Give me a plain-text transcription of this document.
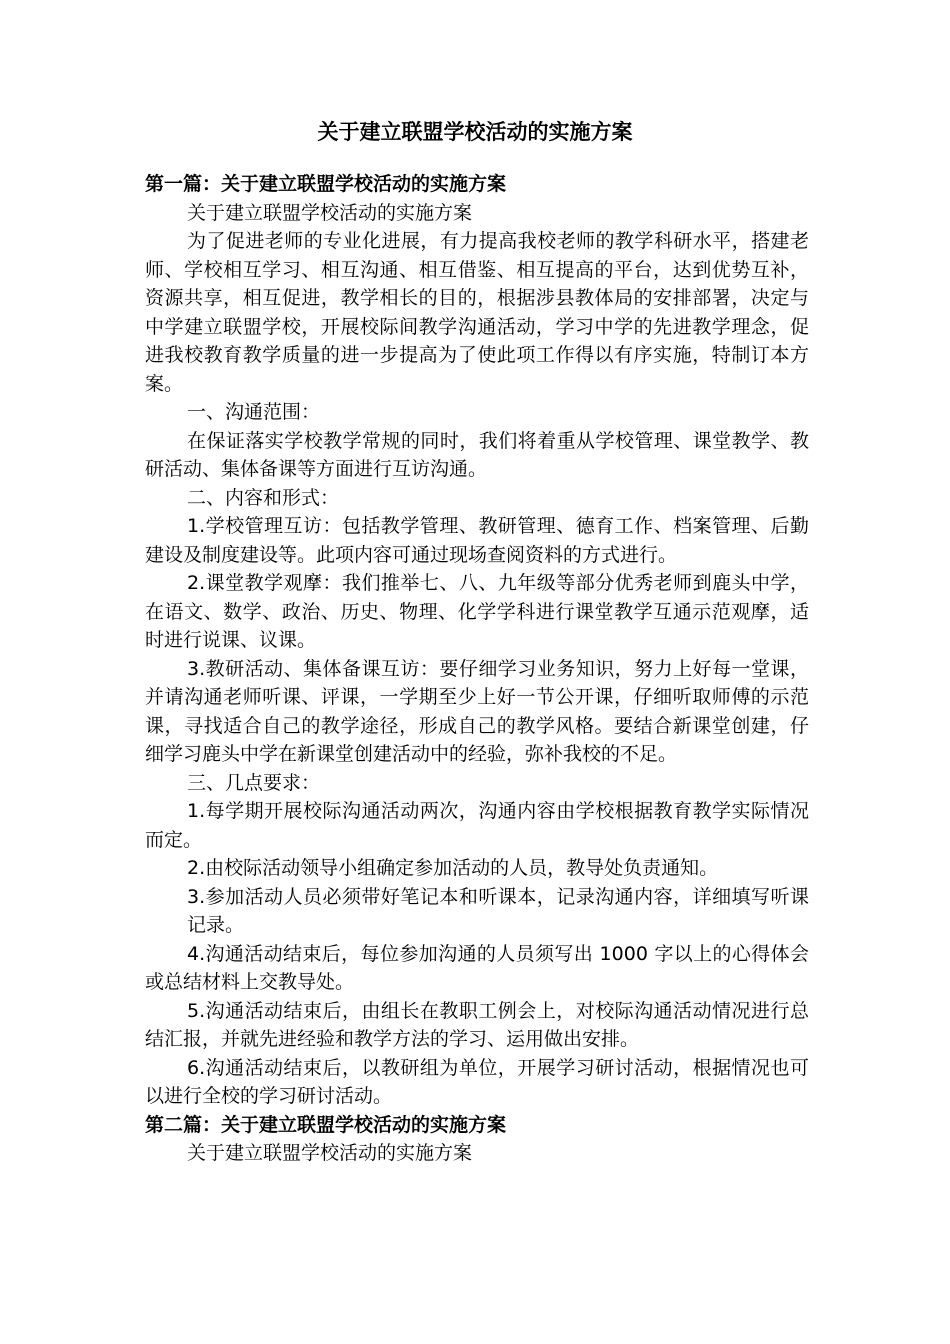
关于建立联盟学校活动的实施方案

第一篇：关于建立联盟学校活动的实施方案

关于建立联盟学校活动的实施方案

为了促进老师的专业化进展，有力提高我校老师的教学科研水平，搭建老师、学校相互学习、相互沟通、相互借鉴、相互提高的平台，达到优势互补，资源共享，相互促进，教学相长的目的，根据涉县教体局的安排部署，决定与中学建立联盟学校，开展校际间教学沟通活动，学习中学的先进教学理念，促进我校教育教学质量的进一步提高为了使此项工作得以有序实施，特制订本方案。

一、沟通范围：

在保证落实学校教学常规的同时，我们将着重从学校管理、课堂教学、教研活动、集体备课等方面进行互访沟通。

二、内容和形式：

1.学校管理互访：包括教学管理、教研管理、德育工作、档案管理、后勤建设及制度建设等。此项内容可通过现场查阅资料的方式进行。

2.课堂教学观摩：我们推举七、八、九年级等部分优秀老师到鹿头中学，在语文、数学、政治、历史、物理、化学学科进行课堂教学互通示范观摩，适时进行说课、议课。

3.教研活动、集体备课互访：要仔细学习业务知识，努力上好每一堂课，并请沟通老师听课、评课，一学期至少上好一节公开课，仔细听取师傅的示范课，寻找适合自己的教学途径，形成自己的教学风格。要结合新课堂创建，仔细学习鹿头中学在新课堂创建活动中的经验，弥补我校的不足。

三、几点要求：

1.每学期开展校际沟通活动两次，沟通内容由学校根据教育教学实际情况而定。

2.由校际活动领导小组确定参加活动的人员，教导处负责通知。

3.参加活动人员必须带好笔记本和听课本，记录沟通内容，详细填写听课记录。

4.沟通活动结束后，每位参加沟通的人员须写出 1000 字以上的心得体会或总结材料上交教导处。

5.沟通活动结束后，由组长在教职工例会上，对校际沟通活动情况进行总结汇报，并就先进经验和教学方法的学习、运用做出安排。

6.沟通活动结束后，以教研组为单位，开展学习研讨活动，根据情况也可以进行全校的学习研讨活动。

第二篇：关于建立联盟学校活动的实施方案

关于建立联盟学校活动的实施方案
